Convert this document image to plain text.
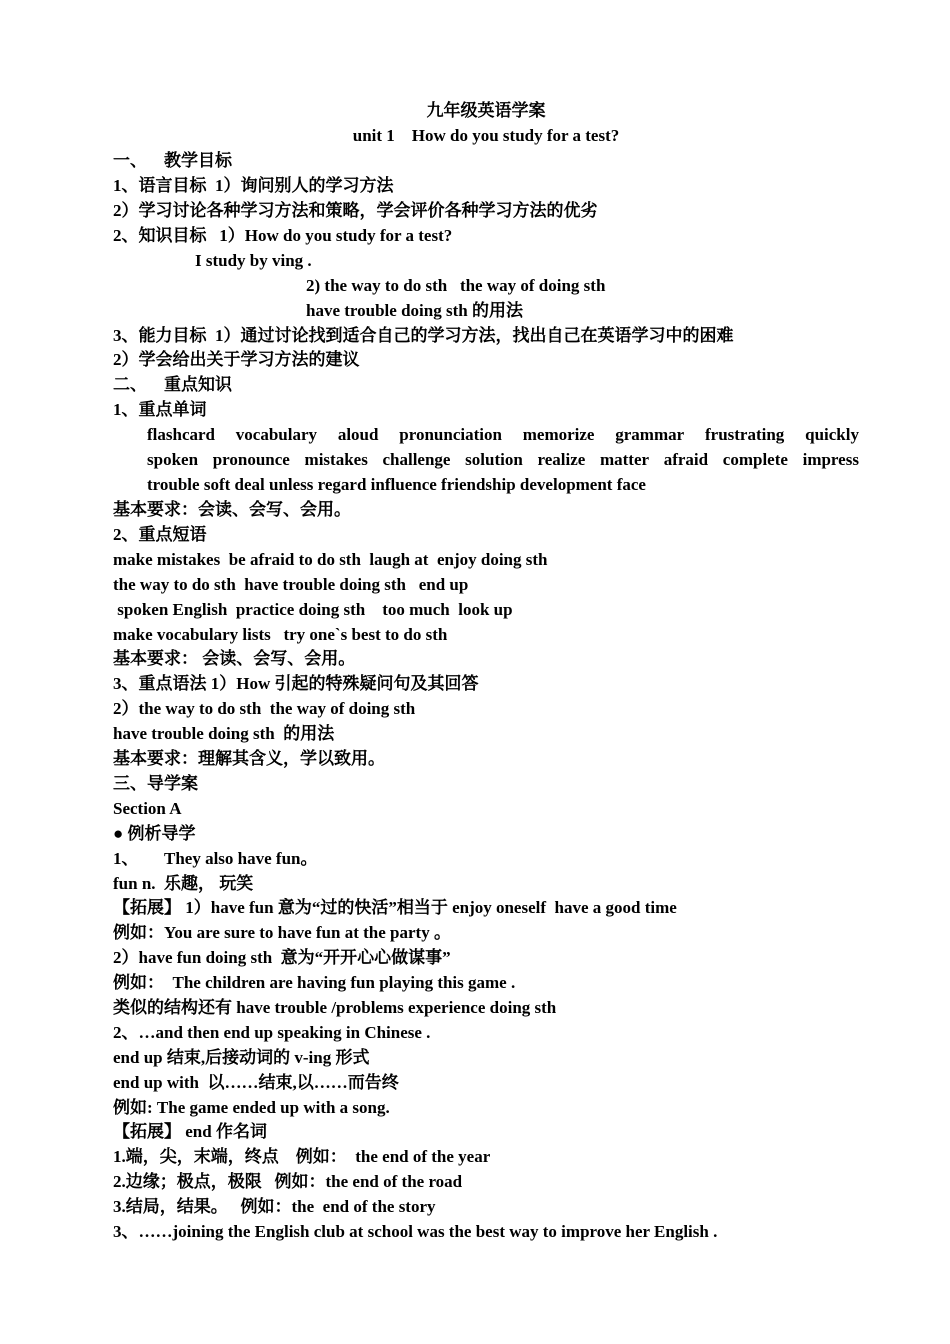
九年级英语学案
unit 1    How do you study for a test?
一、    教学目标
1、语言目标  1）询问别人的学习方法
2）学习讨论各种学习方法和策略，学会评价各种学习方法的优劣
2、知识目标   1）How do you study for a test?
I study by ving .
2) the way to do sth   the way of doing sth
have trouble doing sth 的用法
3、能力目标  1）通过讨论找到适合自己的学习方法，找出自己在英语学习中的困难
2）学会给出关于学习方法的建议
二、    重点知识
1、重点单词
flashcard vocabulary aloud pronunciation memorize grammar frustrating quickly
spoken pronounce mistakes challenge solution realize matter afraid complete impress
trouble soft deal unless regard influence friendship development face
基本要求：会读、会写、会用。
2、重点短语
make mistakes  be afraid to do sth  laugh at  enjoy doing sth
the way to do sth  have trouble doing sth   end up
spoken English  practice doing sth    too much  look up
make vocabulary lists   try one`s best to do sth
基本要求： 会读、会写、会用。
3、重点语法 1）How 引起的特殊疑问句及其回答
2）the way to do sth  the way of doing sth
have trouble doing sth  的用法
基本要求：理解其含义，学以致用。
三、导学案
Section A
● 例析导学
1、      They also have fun。
fun n.  乐趣， 玩笑
【拓展】 1）have fun 意为“过的快活”相当于 enjoy oneself  have a good time
例如：You are sure to have fun at the party 。
2）have fun doing sth  意为“开开心心做谋事”
例如：  The children are having fun playing this game .
类似的结构还有 have trouble /problems experience doing sth
2、…and then end up speaking in Chinese .
end up 结束,后接动词的 v-ing 形式
end up with  以……结束,以……而告终
例如: The game ended up with a song.
【拓展】 end 作名词
1.端，尖，末端，终点    例如：  the end of the year
2.边缘；极点，极限   例如：the end of the road
3.结局，结果。   例如：the  end of the story
3、……joining the English club at school was the best way to improve her English .
